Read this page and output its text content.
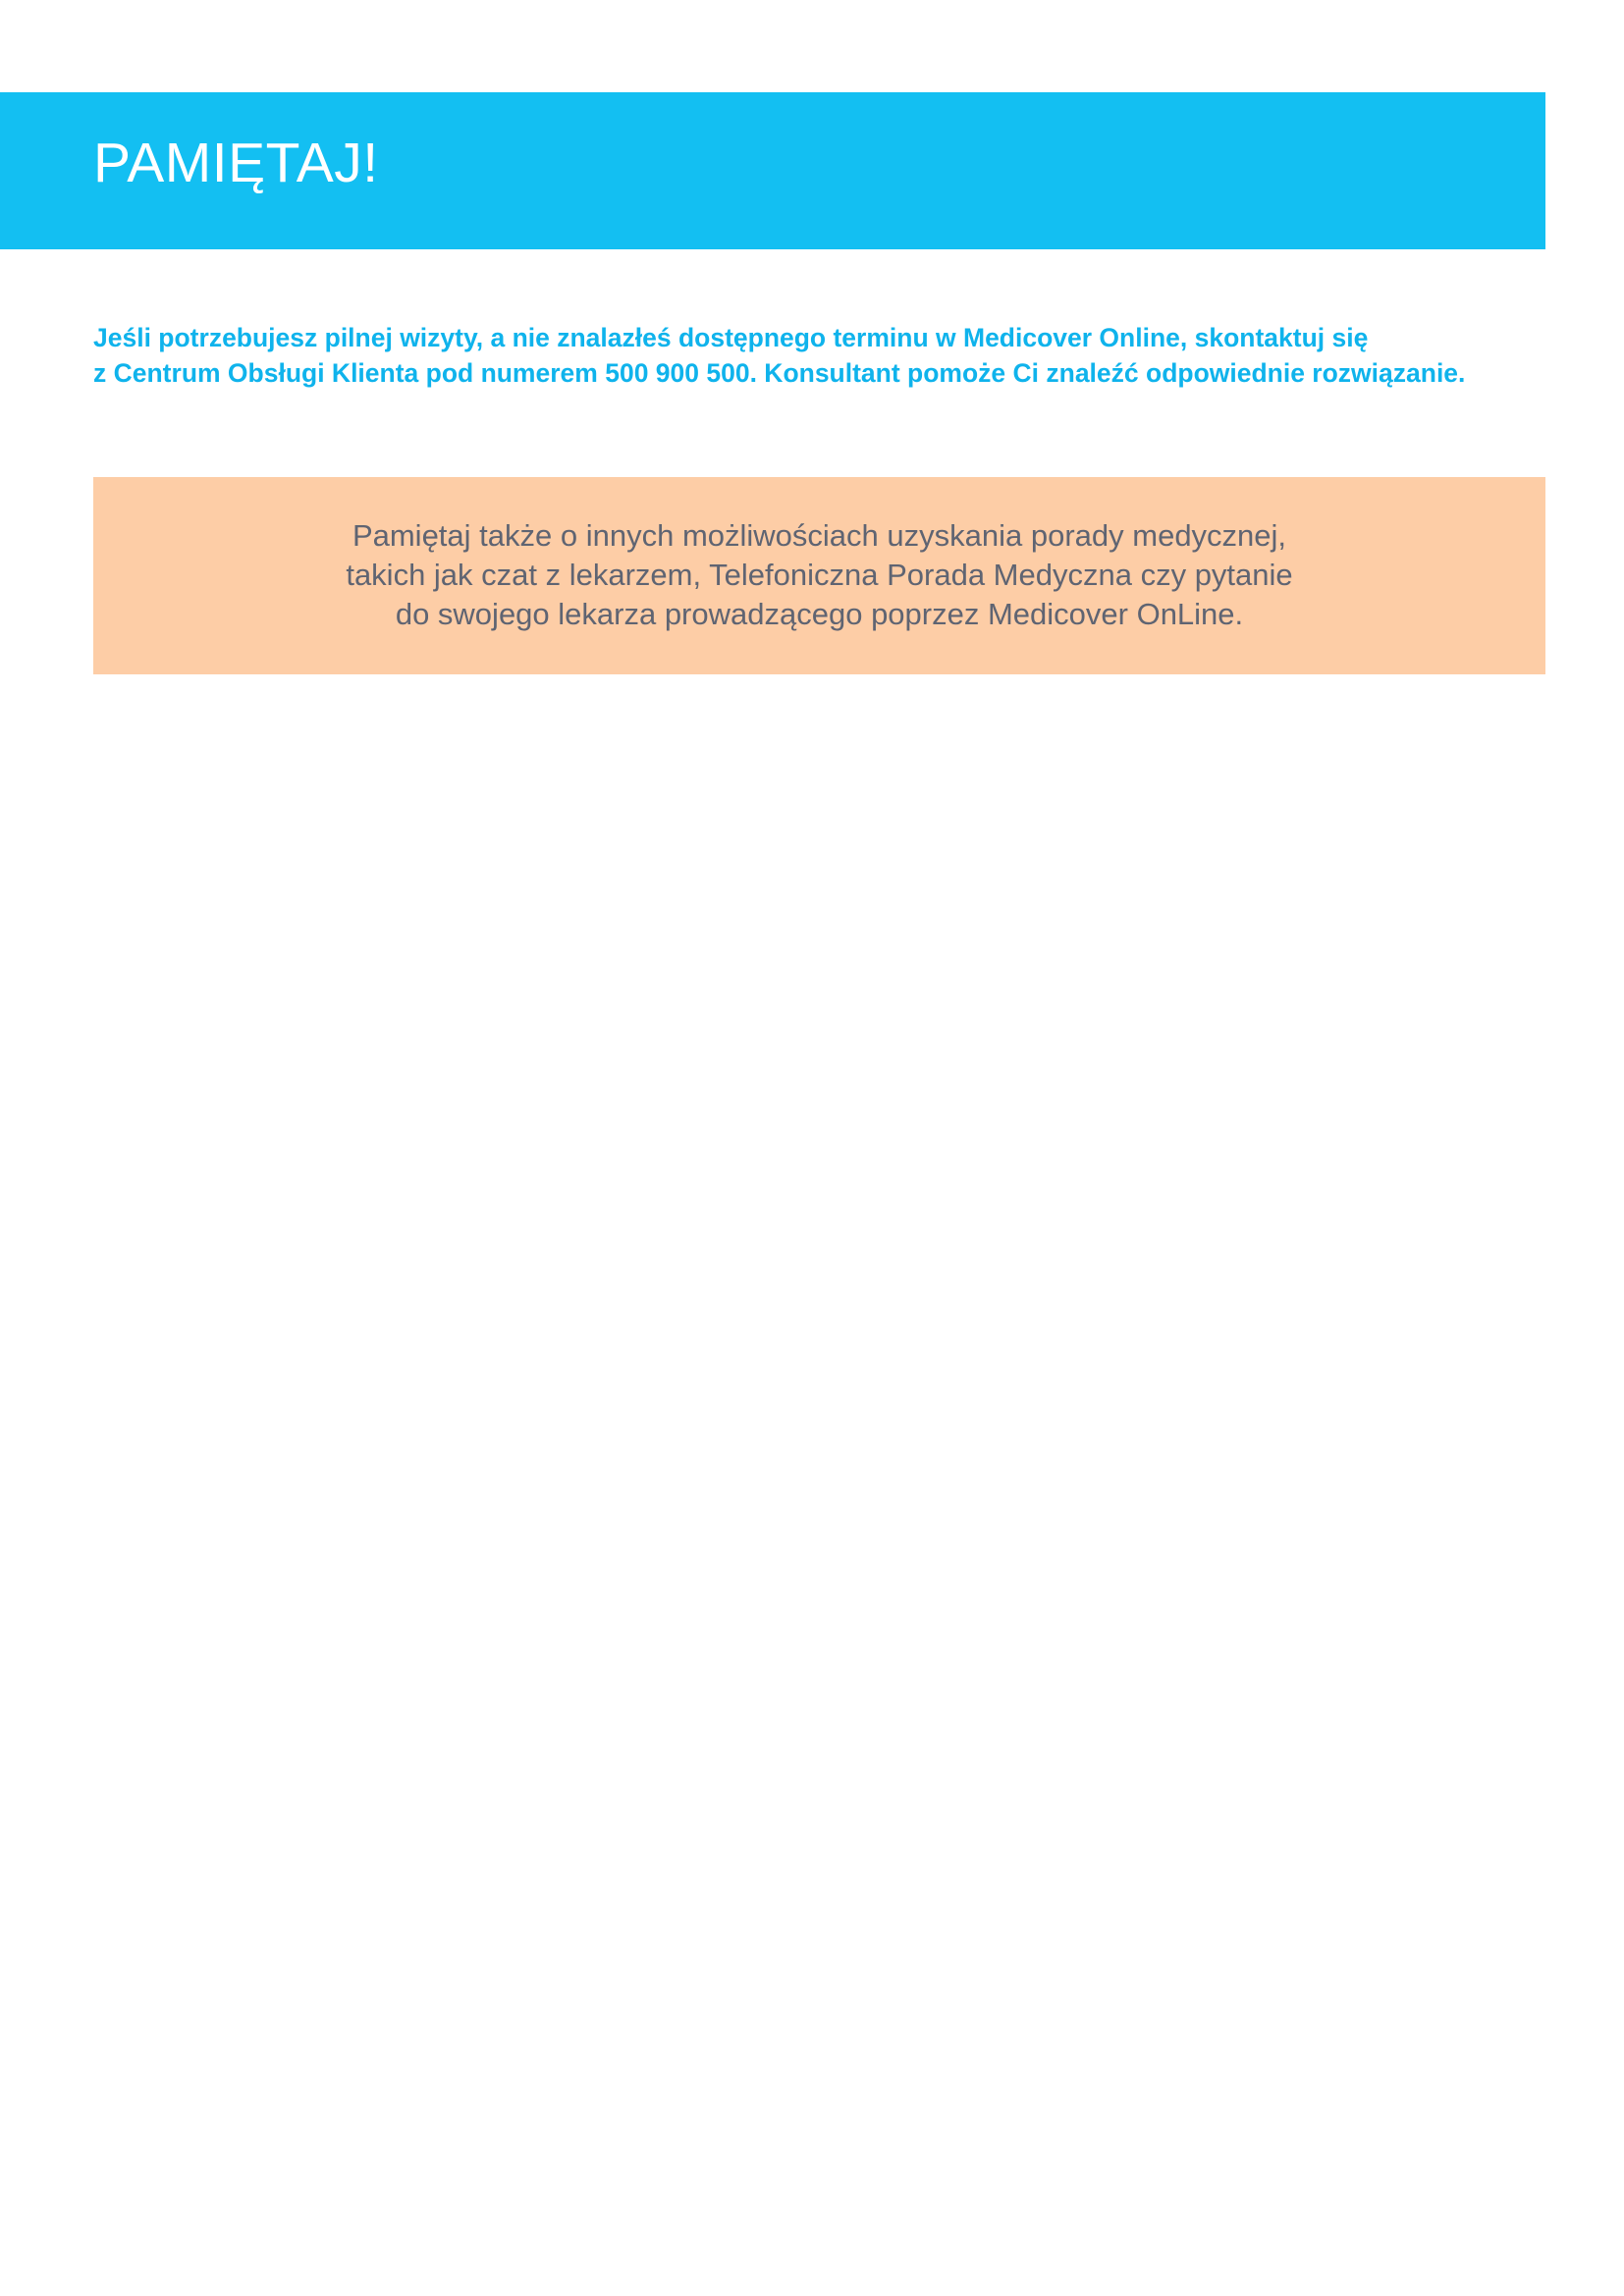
PAMIĘTAJ!

Jeśli potrzebujesz pilnej wizyty, a nie znalazłeś dostępnego terminu w Medicover Online, skontaktuj się
z Centrum Obsługi Klienta pod numerem 500 900 500. Konsultant pomoże Ci znaleźć odpowiednie rozwiązanie.

Pamiętaj także o innych możliwościach uzyskania porady medycznej,
takich jak czat z lekarzem, Telefoniczna Porada Medyczna czy pytanie
do swojego lekarza prowadzącego poprzez Medicover OnLine.
